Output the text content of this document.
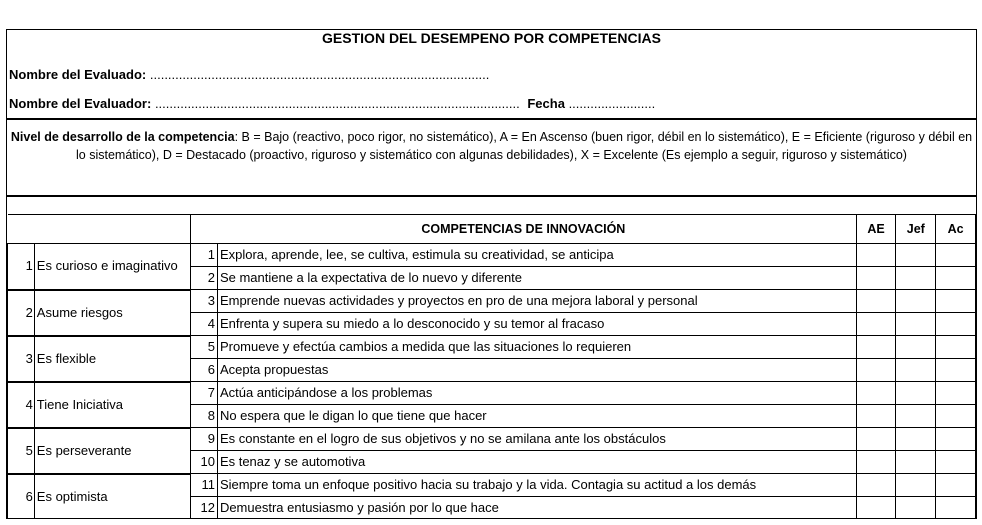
GESTION DEL DESEMPENO POR COMPETENCIAS
Nombre del Evaluado: ..............................................................................................
Nombre del Evaluador: ..................................................................................................... Fecha ........................
Nivel de desarrollo de la competencia: B = Bajo (reactivo, poco rigor, no sistemático), A = En Ascenso (buen rigor, débil en lo sistemático), E = Eficiente (riguroso y débil en lo sistemático), D = Destacado (proactivo, riguroso y sistemático con algunas debilidades), X = Excelente (Es ejemplo a seguir, riguroso y sistemático)
		COMPETENCIAS DE INNOVACIÓN		AE	Jef	Ac
1	Es curioso e imaginativo	1	Explora, aprende, lee, se cultiva, estimula su creatividad, se anticipa			
		2	Se mantiene a la expectativa de lo nuevo y diferente			
2	Asume riesgos	3	Emprende nuevas actividades y proyectos en pro de una mejora laboral y personal			
		4	Enfrenta y supera su miedo a lo desconocido y su temor al fracaso			
3	Es flexible	5	Promueve y efectúa cambios a medida que las situaciones lo requieren			
		6	Acepta propuestas			
4	Tiene Iniciativa	7	Actúa anticipándose a los problemas			
		8	No espera que le digan lo que tiene que hacer			
5	Es perseverante	9	Es constante en el logro de sus objetivos y no se amilana ante los obstáculos			
		10	Es tenaz y se automotiva			
6	Es optimista	11	Siempre toma un enfoque positivo hacia su trabajo y la vida. Contagia su actitud a los demás			
		12	Demuestra entusiasmo y pasión por lo que hace			
